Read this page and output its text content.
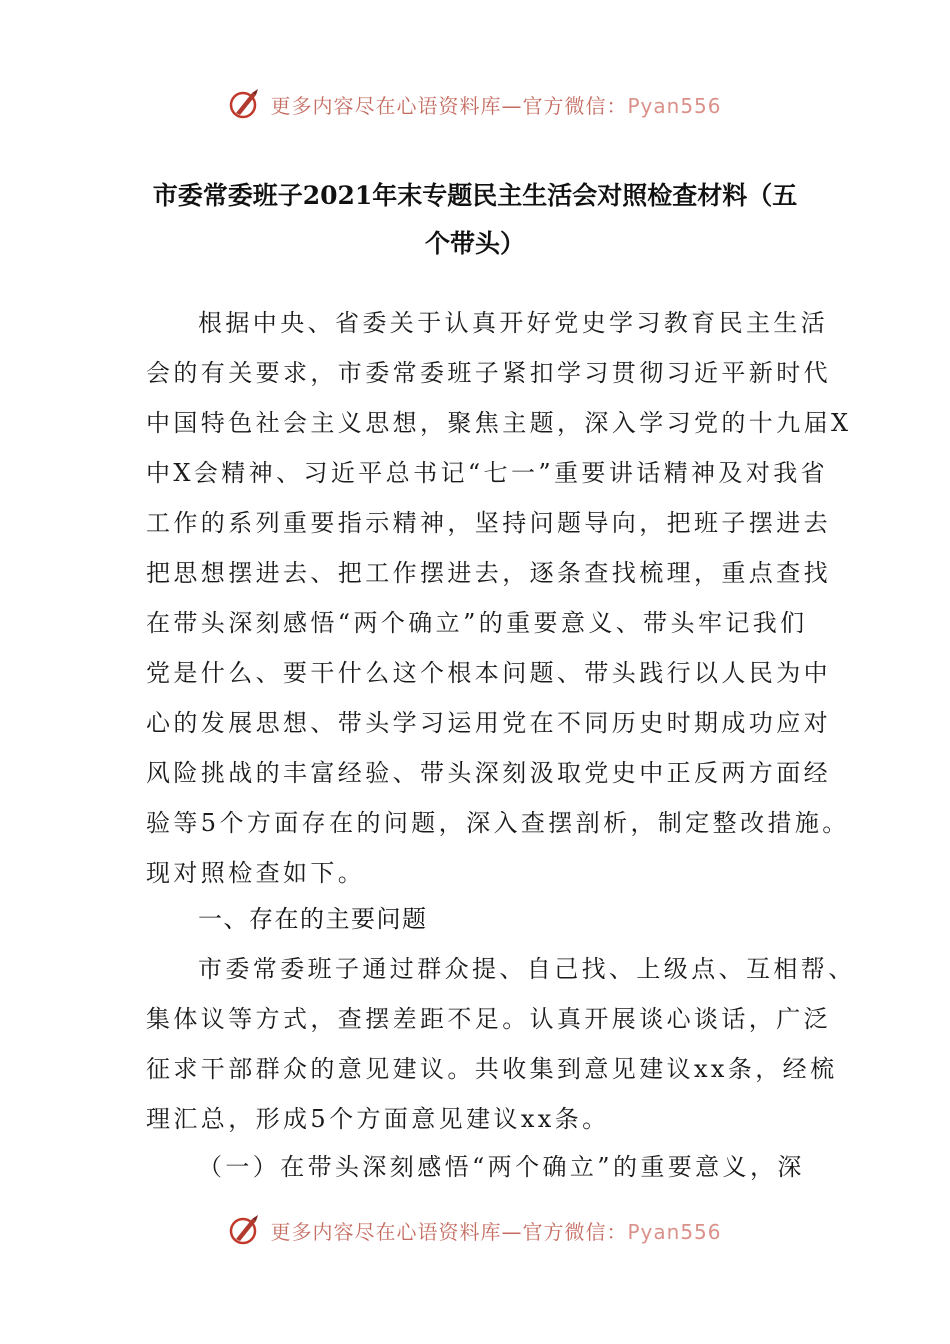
更多内容尽在心语资料库—官方微信：Pyan556
市委常委班子2021年末专题民主生活会对照检查材料（五
个带头）
根据中央、省委关于认真开好党史学习教育民主生活
会的有关要求，市委常委班子紧扣学习贯彻习近平新时代
中国特色社会主义思想，聚焦主题，深入学习党的十九届X
中X会精神、习近平总书记“七一”重要讲话精神及对我省
工作的系列重要指示精神，坚持问题导向，把班子摆进去
把思想摆进去、把工作摆进去，逐条查找梳理，重点查找
在带头深刻感悟“两个确立”的重要意义、带头牢记我们
党是什么、要干什么这个根本问题、带头践行以人民为中
心的发展思想、带头学习运用党在不同历史时期成功应对
风险挑战的丰富经验、带头深刻汲取党史中正反两方面经
验等5个方面存在的问题，深入查摆剖析，制定整改措施。
现对照检查如下。
一、存在的主要问题
市委常委班子通过群众提、自己找、上级点、互相帮、
集体议等方式，查摆差距不足。认真开展谈心谈话，广泛
征求干部群众的意见建议。共收集到意见建议xx条，经梳
理汇总，形成5个方面意见建议xx条。
（一）在带头深刻感悟“两个确立”的重要意义，深
更多内容尽在心语资料库—官方微信：Pyan556
